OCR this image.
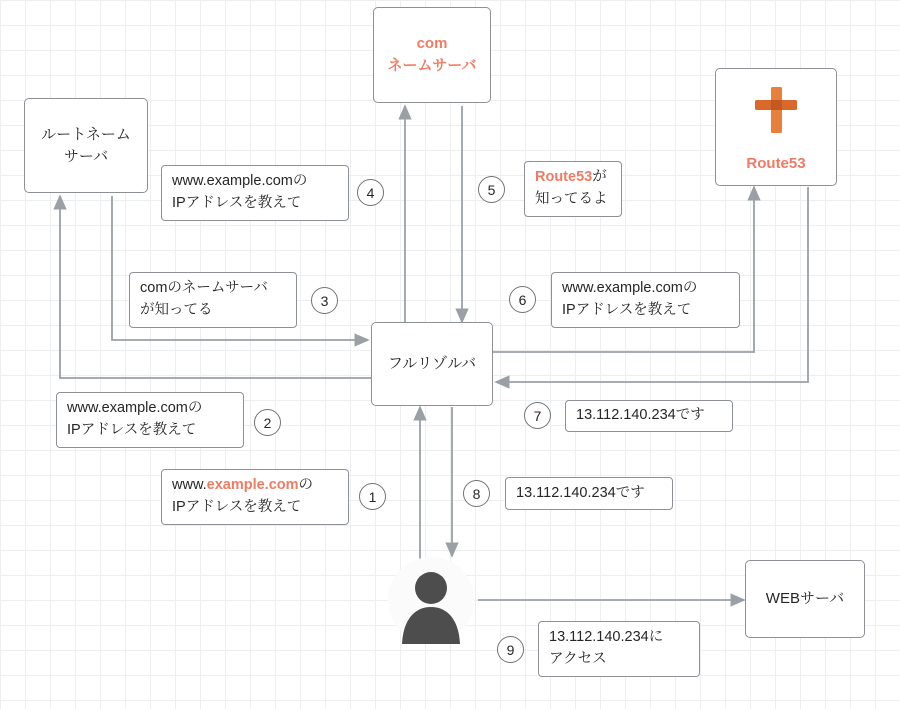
com
ネームサーバ
ルートネーム
サーバ	Route53
フルリゾルバ
WEBサーバ
www.example.comの
IPアドレスを教えて
1
www.example.comの
IPアドレスを教えて	2
comのネームサーバ
が知ってる
3
www.example.comの
IPアドレスを教えて
4
Route53が
知ってるよ
5
www.example.comの
IPアドレスを教えて
6
13.112.140.234です
7
13.112.140.234です
8
13.112.140.234に
アクセス
9
